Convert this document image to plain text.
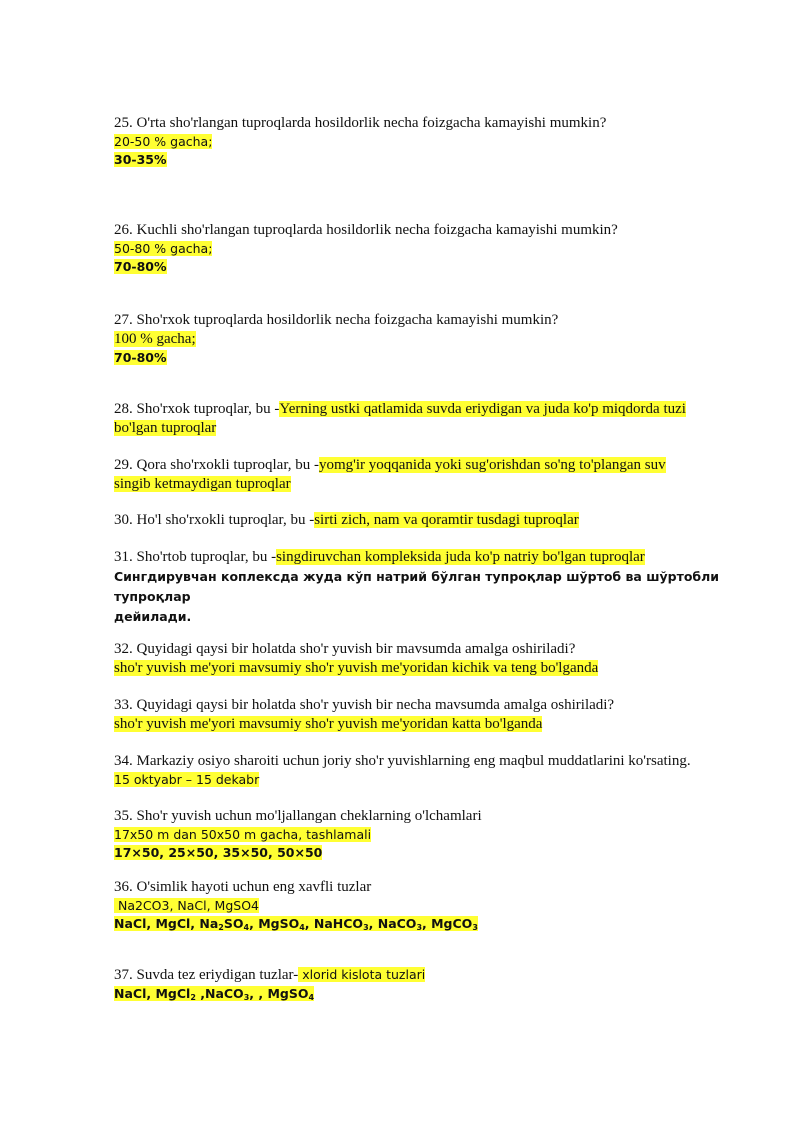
25. O'rta sho'rlangan tuproqlarda hosildorlik necha foizgacha kamayishi mumkin?
20-50 % gacha;
30-35%
26. Kuchli sho'rlangan tuproqlarda hosildorlik necha foizgacha kamayishi mumkin?
50-80 % gacha;
70-80%
27. Sho'rxok tuproqlarda hosildorlik necha foizgacha kamayishi mumkin?
100 % gacha;
70-80%
28. Sho'rxok tuproqlar, bu -Yerning ustki qatlamida suvda eriydigan va juda ko'p miqdorda tuzi
bo'lgan tuproqlar
29. Qora sho'rxokli tuproqlar, bu -yomg'ir yoqqanida yoki sug'orishdan so'ng to'plangan suv
singib ketmaydigan tuproqlar
30. Ho'l sho'rxokli tuproqlar, bu -sirti zich, nam va qoramtir tusdagi tuproqlar
31. Sho'rtob tuproqlar, bu -singdiruvchan kompleksida juda ko'p natriy bo'lgan tuproqlar
Сингдирувчан коплексда жуда кўп натрий бўлган тупроқлар шўртоб ва шўртобли тупроқлар
дейилади.
32. Quyidagi qaysi bir holatda sho'r yuvish bir mavsumda amalga oshiriladi?
sho'r yuvish me'yori mavsumiy sho'r yuvish me'yoridan kichik va teng bo'lganda
33. Quyidagi qaysi bir holatda sho'r yuvish bir necha mavsumda amalga oshiriladi?
sho'r yuvish me'yori mavsumiy sho'r yuvish me'yoridan katta bo'lganda
34. Markaziy osiyo sharoiti uchun joriy sho'r yuvishlarning eng maqbul muddatlarini ko'rsating.
15 oktyabr – 15 dekabr
35. Sho'r yuvish uchun mo'ljallangan cheklarning o'lchamlari
17x50 m dan 50x50 m gacha, tashlamali
17×50, 25×50, 35×50, 50×50
36. O'simlik hayoti uchun eng xavfli tuzlar
Na2CO3, NaCl, MgSO4
NaCl, MgCl, $Na_2SO_4$, MgSO$_4$, NaHCO$_3$, NaCO$_3$, MgCO$_3$
37. Suvda tez eriydigan tuzlar- xlorid kislota tuzlari
NaCl, MgCl$_2$ ,NaCO$_3$, , MgSO$_4$
